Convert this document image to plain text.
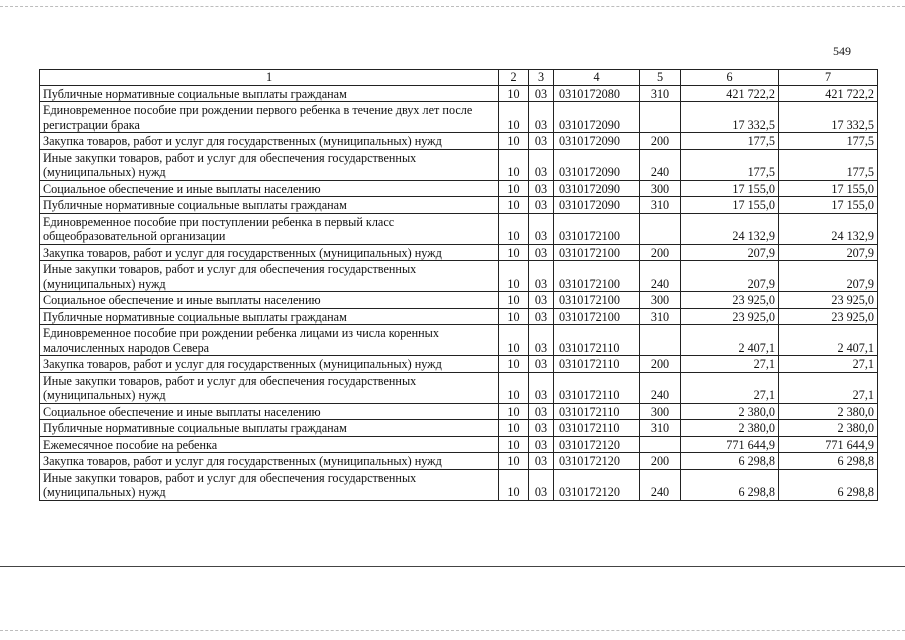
549
1	2	3	4	5	6	7
Публичные нормативные социальные выплаты гражданам	10	03	0310172080	310	421 722,2	421 722,2
Единовременное пособие при рождении первого ребенка в течение двух лет после регистрации брака	10	03	0310172090		17 332,5	17 332,5
Закупка товаров, работ и услуг для государственных (муниципальных) нужд	10	03	0310172090	200	177,5	177,5
Иные закупки товаров, работ и услуг для обеспечения государственных (муниципальных) нужд	10	03	0310172090	240	177,5	177,5
Социальное обеспечение и иные выплаты населению	10	03	0310172090	300	17 155,0	17 155,0
Публичные нормативные социальные выплаты гражданам	10	03	0310172090	310	17 155,0	17 155,0
Единовременное пособие при поступлении ребенка в первый класс общеобразовательной организации	10	03	0310172100		24 132,9	24 132,9
Закупка товаров, работ и услуг для государственных (муниципальных) нужд	10	03	0310172100	200	207,9	207,9
Иные закупки товаров, работ и услуг для обеспечения государственных (муниципальных) нужд	10	03	0310172100	240	207,9	207,9
Социальное обеспечение и иные выплаты населению	10	03	0310172100	300	23 925,0	23 925,0
Публичные нормативные социальные выплаты гражданам	10	03	0310172100	310	23 925,0	23 925,0
Единовременное пособие при рождении ребенка лицами из числа коренных малочисленных народов Севера	10	03	0310172110		2 407,1	2 407,1
Закупка товаров, работ и услуг для государственных (муниципальных) нужд	10	03	0310172110	200	27,1	27,1
Иные закупки товаров, работ и услуг для обеспечения государственных (муниципальных) нужд	10	03	0310172110	240	27,1	27,1
Социальное обеспечение и иные выплаты населению	10	03	0310172110	300	2 380,0	2 380,0
Публичные нормативные социальные выплаты гражданам	10	03	0310172110	310	2 380,0	2 380,0
Ежемесячное пособие на ребенка	10	03	0310172120		771 644,9	771 644,9
Закупка товаров, работ и услуг для государственных (муниципальных) нужд	10	03	0310172120	200	6 298,8	6 298,8
Иные закупки товаров, работ и услуг для обеспечения государственных (муниципальных) нужд	10	03	0310172120	240	6 298,8	6 298,8
